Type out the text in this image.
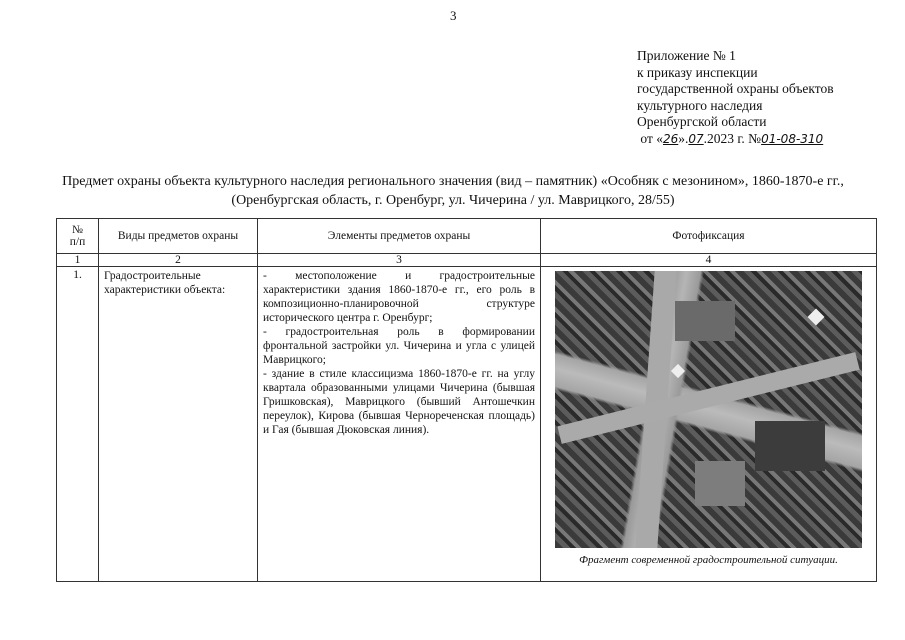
3
Приложение № 1
к приказу инспекции
государственной охраны объектов
культурного наследия
Оренбургской области
от «26».07.2023 г. №01-08-310
Предмет охраны объекта культурного наследия регионального значения (вид – памятник) «Особняк с мезонином», 1860-1870-е гг., (Оренбургская область, г. Оренбург, ул. Чичерина / ул. Маврицкого, 28/55)
№ п/п	Виды предметов охраны	Элементы предметов охраны	Фотофиксация
1	2	3	4
1.	Градостроительные характеристики объекта:	- местоположение и градостроительные характеристики здания 1860-1870-е гг., его роль в композиционно-планировочной структуре исторического центра г. Оренбург;
- градостроительная роль в формировании фронтальной застройки ул. Чичерина и угла с улицей Маврицкого;
- здание в стиле классицизма 1860-1870-е гг. на углу квартала образованными улицами Чичерина (бывшая Гришковская), Маврицкого (бывший Антошечкин переулок), Кирова (бывшая Чернореченская площадь) и Гая (бывшая Дюковская линия).	Фрагмент современной градостроительной ситуации.
